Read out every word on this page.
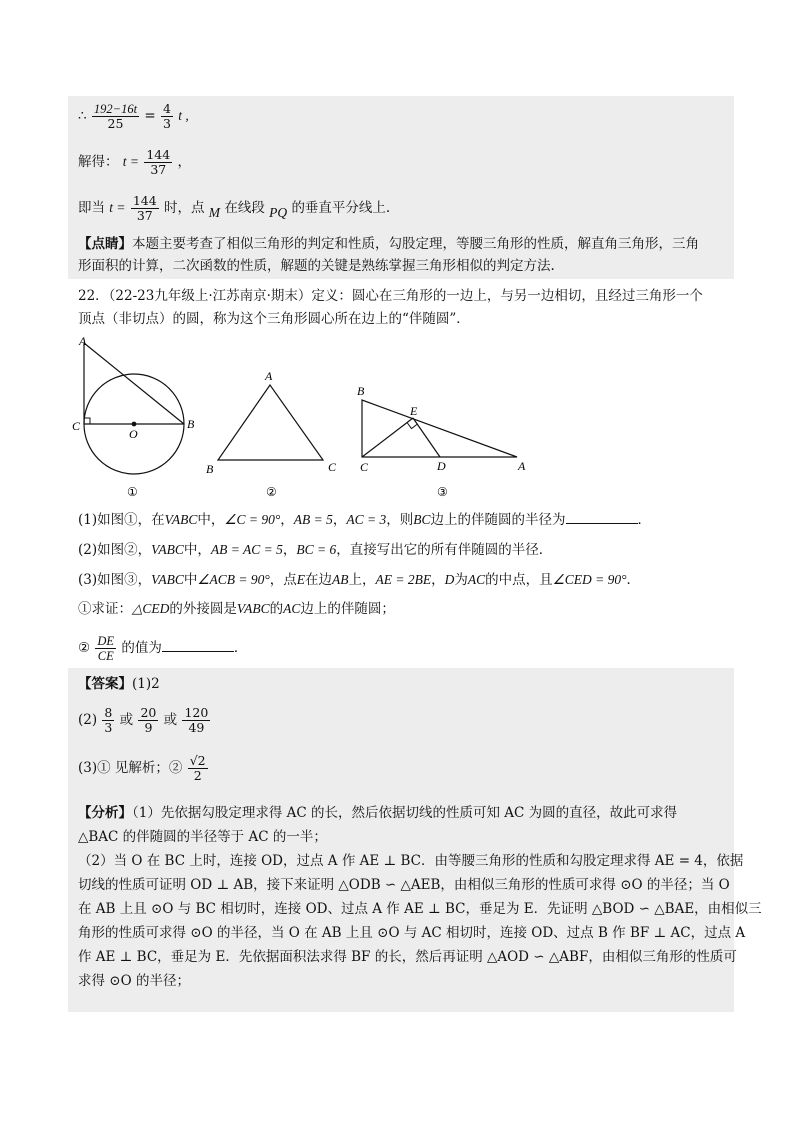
∴ $\frac{192-16t}{25} = \frac{4}{3}$ t ,
解得： $t = \frac{144}{37}$ ，
即当 $t = \frac{144}{37}$ 时，点 M 在线段 PQ 的垂直平分线上.
【点睛】本题主要考查了相似三角形的判定和性质，勾股定理，等腰三角形的性质，解直角三角形，三角
形面积的计算，二次函数的性质，解题的关键是熟练掌握三角形相似的判定方法.
22．（22-23九年级上·江苏南京·期末）定义：圆心在三角形的一边上，与另一边相切，且经过三角形一个
顶点（非切点）的圆，称为这个三角形圆心所在边上的“伴随圆”．
A
B
C
O
①
A
B	C
②
B
E
C	D	A
③
(1)如图①，在VABC中，∠C = 90°，AB = 5，AC = 3，则BC边上的伴随圆的半径为	．
(2)如图②，VABC中，AB = AC = 5，BC = 6，直接写出它的所有伴随圆的半径．
(3)如图③，VABC中∠ACB = 90°，点E在边AB上，AE = 2BE，D为AC的中点，且∠CED = 90°．
①求证：△CED的外接圆是VABC的AC边上的伴随圆；
② $\frac{DE}{CE}$ 的值为	．
【答案】(1)2
$(2) \frac{8}{3}$ 或 $\frac{20}{9}$ 或 $\frac{120}{49}$
(3)① 见解析；② $\frac{√2}{2}$
【分析】（1）先依据勾股定理求得 AC 的长，然后依据切线的性质可知 AC 为圆的直径，故此可求得
△BAC 的伴随圆的半径等于 AC 的一半；
（2）当 O 在 BC 上时，连接 OD，过点 A 作 AE ⊥ BC．由等腰三角形的性质和勾股定理求得 AE = 4，依据
切线的性质可证明 OD ⊥ AB，接下来证明 △ODB ∽ △AEB，由相似三角形的性质可求得 ⊙O 的半径；当 O
在 AB 上且 ⊙O 与 BC 相切时，连接 OD、过点 A 作 AE ⊥ BC，垂足为 E．先证明 △BOD ∽ △BAE，由相似三
角形的性质可求得 ⊙O 的半径，当 O 在 AB 上且 ⊙O 与 AC 相切时，连接 OD、过点 B 作 BF ⊥ AC，过点 A
作 AE ⊥ BC，垂足为 E．先依据面积法求得 BF 的长，然后再证明 △AOD ∽ △ABF，由相似三角形的性质可
求得 ⊙O 的半径；
